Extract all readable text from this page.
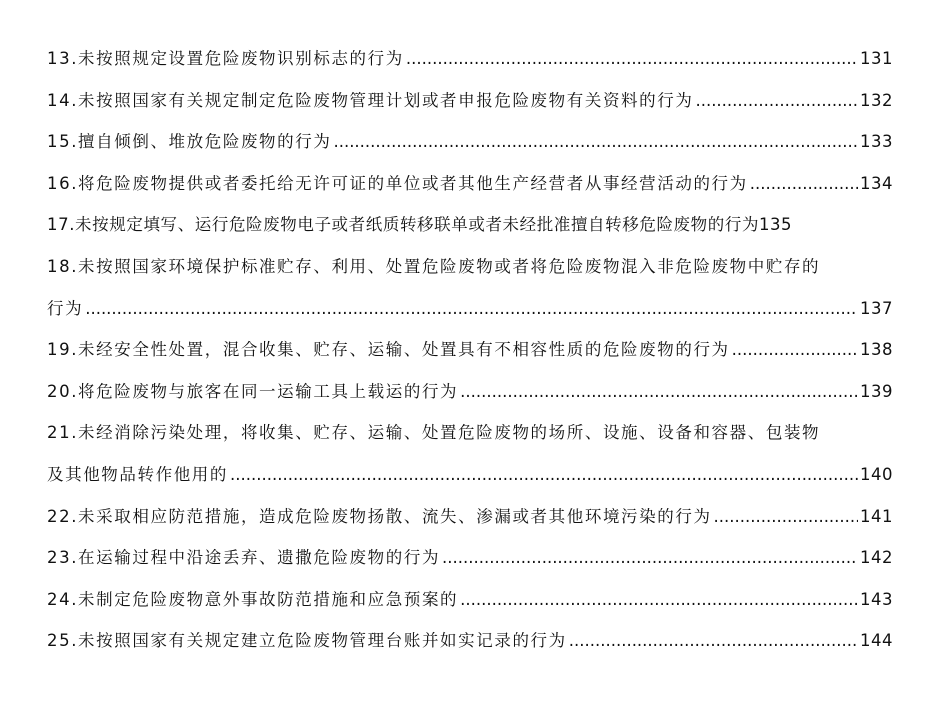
13.未按照规定设置危险废物识别标志的行为 .....	131
14.未按照国家有关规定制定危险废物管理计划或者申报危险废物有关资料的行为 .....	132
15.擅自倾倒、堆放危险废物的行为 .....	133
16.将危险废物提供或者委托给无许可证的单位或者其他生产经营者从事经营活动的行为 .....	134
17.未按规定填写、运行危险废物电子或者纸质转移联单或者未经批准擅自转移危险废物的行为 135
18.未按照国家环境保护标准贮存、利用、处置危险废物或者将危险废物混入非危险废物中贮存的
行为 .....	137
19.未经安全性处置，混合收集、贮存、运输、处置具有不相容性质的危险废物的行为 .....	138
20.将危险废物与旅客在同一运输工具上载运的行为 .....	139
21.未经消除污染处理，将收集、贮存、运输、处置危险废物的场所、设施、设备和容器、包装物
及其他物品转作他用的 .....	140
22.未采取相应防范措施，造成危险废物扬散、流失、渗漏或者其他环境污染的行为 .....	141
23.在运输过程中沿途丢弃、遗撒危险废物的行为 .....	142
24.未制定危险废物意外事故防范措施和应急预案的 .....	143
25.未按照国家有关规定建立危险废物管理台账并如实记录的行为 .....	144
